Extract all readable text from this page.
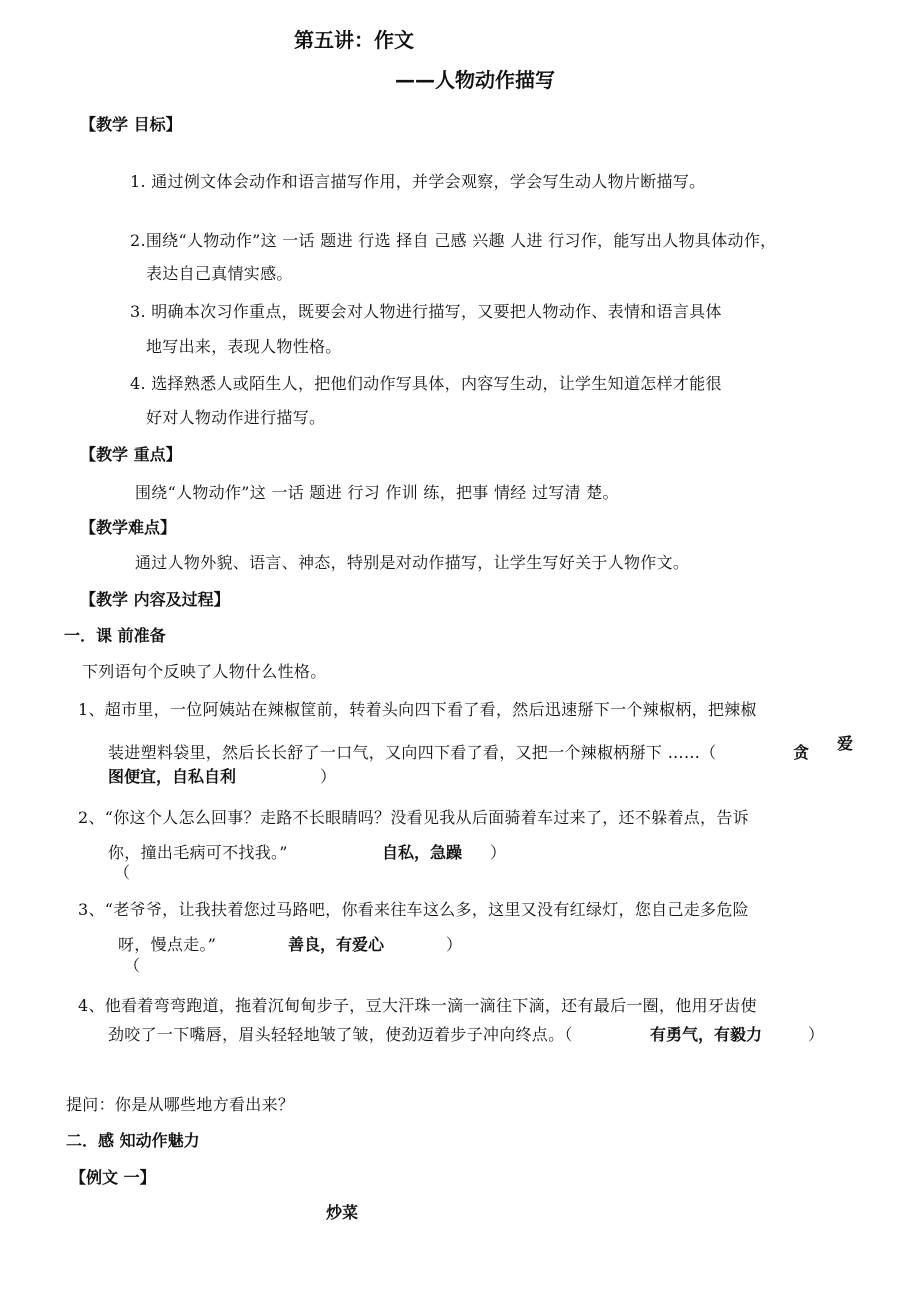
第五讲：作文
——人物动作描写
【教学 目标】
1. 通过例文体会动作和语言描写作用，并学会观察，学会写生动人物片断描写。
2.围绕“人物动作”这 一话 题进 行选 择自 己感 兴趣 人进 行习作，能写出人物具体动作，
表达自己真情实感。
3. 明确本次习作重点，既要会对人物进行描写，又要把人物动作、表情和语言具体
地写出来，表现人物性格。
4. 选择熟悉人或陌生人，把他们动作写具体，内容写生动，让学生知道怎样才能很
好对人物动作进行描写。
【教学 重点】
围绕“人物动作”这 一话 题进 行习 作训 练，把事 情经 过写清 楚。
【教学难点】
通过人物外貌、语言、神态，特别是对动作描写，让学生写好关于人物作文。
【教学 内容及过程】
一．课 前准备
下列语句个反映了人物什么性格。
1、超市里，一位阿姨站在辣椒筐前，转着头向四下看了看，然后迅速掰下一个辣椒柄，把辣椒
装进塑料袋里，然后长长舒了一口气，又向四下看了看，又把一个辣椒柄掰下 ……（	贪 爱
图便宜，自私自利	）
2、“你这个人怎么回事？走路不长眼睛吗？没看见我从后面骑着车过来了，还不躲着点，告诉
你，撞出毛病可不找我。”	自私，急躁 ）
（
3、“老爷爷，让我扶着您过马路吧，你看来往车这么多，这里又没有红绿灯，您自己走多危险
呀，慢点走。”	善良，有爱心	）
（
4、他看着弯弯跑道，拖着沉甸甸步子，豆大汗珠一滴一滴往下滴，还有最后一圈，他用牙齿使
劲咬了一下嘴唇，眉头轻轻地皱了皱，使劲迈着步子冲向终点。（	有勇气，有毅力	）
提问：你是从哪些地方看出来？
二．感 知动作魅力
【例文 一】
炒菜
